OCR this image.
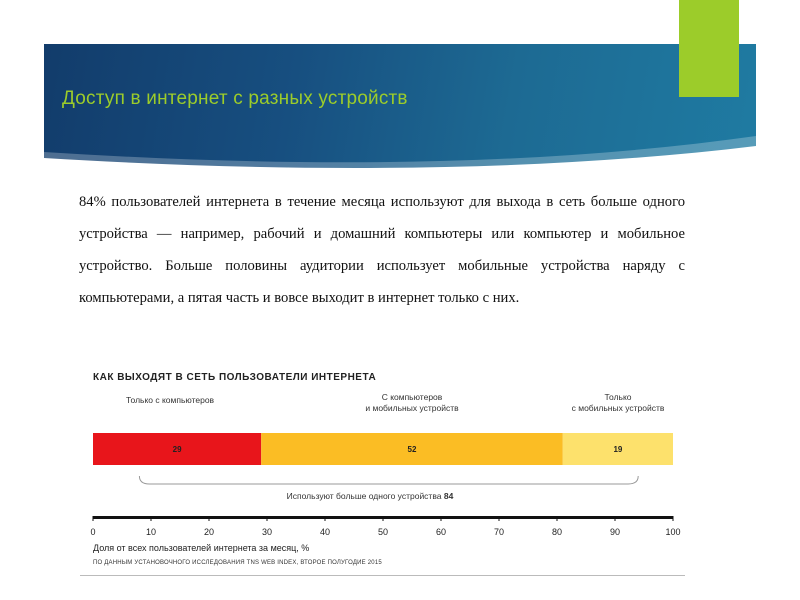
Доступ в интернет с разных устройств
84% пользователей интернета в течение месяца используют для выхода в сеть больше одного устройства — например, рабочий и домашний компьютеры или компьютер и мобильное устройство. Больше половины аудитории использует мобильные устройства наряду с компьютерами, а пятая часть и вовсе выходит в интернет только с них.
29	52	19
0	10	20	30	40	50	60	70	80	90	100
КАК ВЫХОДЯТ В СЕТЬ ПОЛЬЗОВАТЕЛИ ИНТЕРНЕТА
Только с компьютеров	С компьютеров
и мобильных устройств
Только
с мобильных устройств
Используют больше одного устройства 84
Доля от всех пользователей интернета за месяц, %
ПО ДАННЫМ УСТАНОВОЧНОГО ИССЛЕДОВАНИЯ TNS WEB INDEX, ВТОРОЕ ПОЛУГОДИЕ 2015
